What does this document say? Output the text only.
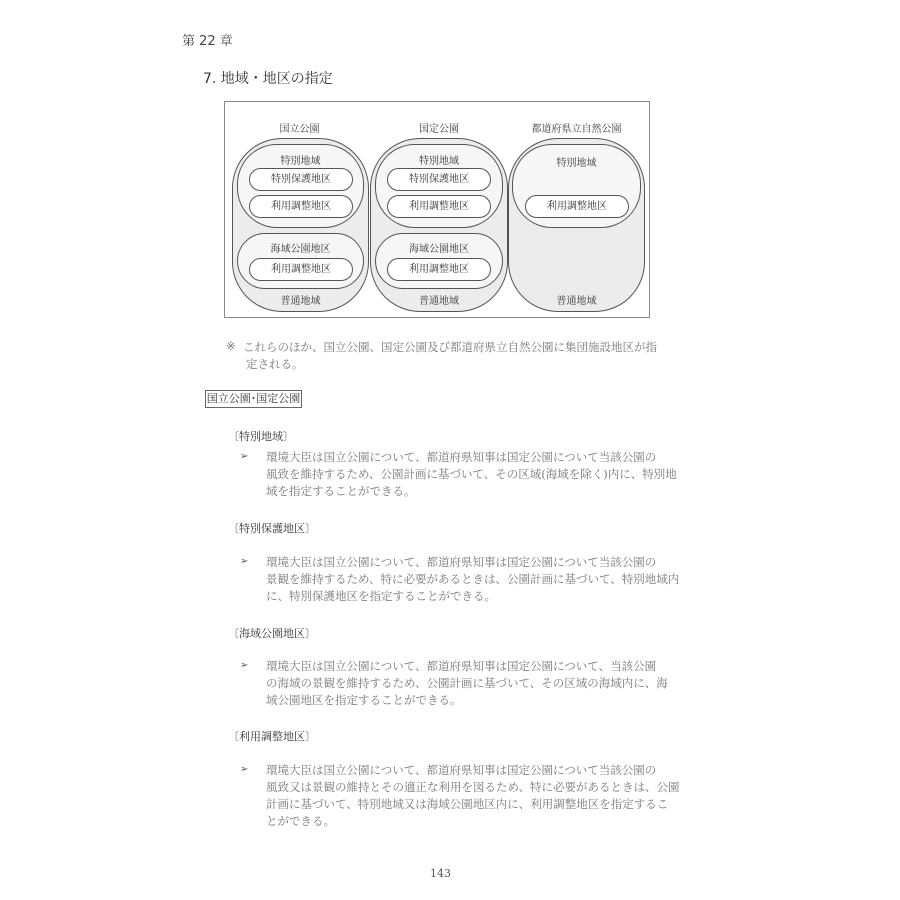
第 22 章
7. 地域・地区の指定
国立公園
特別地域
特別保護地区
利用調整地区
海域公園地区
利用調整地区
普通地域
国定公園
特別地域
特別保護地区
利用調整地区
海域公園地区
利用調整地区
普通地域
都道府県立自然公園
特別地域
利用調整地区
普通地域
※ これらのほか、国立公園、国定公園及び都道府県立自然公園に集団施設地区が指
定される。
国立公園･国定公園
〔特別地域〕
➢ 環境大臣は国立公園について、都道府県知事は国定公園について当該公園の
風致を維持するため、公園計画に基づいて、その区域(海域を除く)内に、特別地
域を指定することができる。
〔特別保護地区〕
➢ 環境大臣は国立公園について、都道府県知事は国定公園について当該公園の
景観を維持するため、特に必要があるときは、公園計画に基づいて、特別地域内
に、特別保護地区を指定することができる。
〔海域公園地区〕
➢ 環境大臣は国立公園について、都道府県知事は国定公園について、当該公園
の海域の景観を維持するため、公園計画に基づいて、その区域の海域内に、海
域公園地区を指定することができる。
〔利用調整地区〕
➢ 環境大臣は国立公園について、都道府県知事は国定公園について当該公園の
風致又は景観の維持とその適正な利用を図るため、特に必要があるときは、公園
計画に基づいて、特別地域又は海域公園地区内に、利用調整地区を指定するこ
とができる。
143
